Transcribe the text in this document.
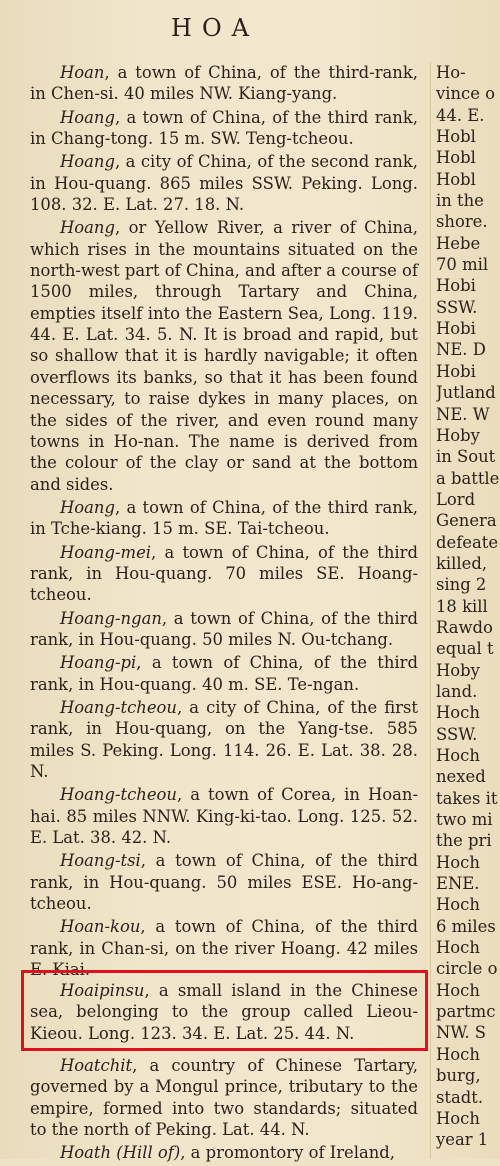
HOA

Hoan, a town of China, of the third-rank, in Chen-si. 40 miles NW. Kiang-yang.

Hoang, a town of China, of the third rank, in Chang-tong. 15 m. SW. Teng-tcheou.

Hoang, a city of China, of the second rank, in Hou-quang. 865 miles SSW. Peking. Long. 108. 32. E. Lat. 27. 18. N.

Hoang, or Yellow River, a river of China, which rises in the mountains situated on the north-west part of China, and after a course of 1500 miles, through Tartary and China, empties itself into the Eastern Sea, Long. 119. 44. E. Lat. 34. 5. N. It is broad and rapid, but so shallow that it is hardly navigable; it often overflows its banks, so that it has been found necessary, to raise dykes in many places, on the sides of the river, and even round many towns in Ho-nan. The name is derived from the colour of the clay or sand at the bottom and sides.

Hoang, a town of China, of the third rank, in Tche-kiang. 15 m. SE. Tai-tcheou.

Hoang-mei, a town of China, of the third rank, in Hou-quang. 70 miles SE. Hoang-tcheou.

Hoang-ngan, a town of China, of the third rank, in Hou-quang. 50 miles N. Ou-tchang.

Hoang-pi, a town of China, of the third rank, in Hou-quang. 40 m. SE. Te-ngan.

Hoang-tcheou, a city of China, of the first rank, in Hou-quang, on the Yang-tse. 585 miles S. Peking. Long. 114. 26. E. Lat. 38. 28. N.

Hoang-tcheou, a town of Corea, in Hoan-hai. 85 miles NNW. King-ki-tao. Long. 125. 52. E. Lat. 38. 42. N.

Hoang-tsi, a town of China, of the third rank, in Hou-quang. 50 miles ESE. Ho-ang-tcheou.

Hoan-kou, a town of China, of the third rank, in Chan-si, on the river Hoang. 42 miles E. Kiai.

Ho-
vince o
44. E.
Hobl
Hobl
Hobl
in the
shore.
Hebe
70 mil
Hobi
SSW.
Hobi
NE. D
Hobi
Jutland
NE. W
Hoby
in Sout
a battle
Lord
Genera
defeate
killed,
sing 2
18 kill
Rawdo
equal t
Hoby
land.
Hoch
SSW.
Hoch
nexed
takes it
two mi
the pri
Hoch
ENE.
Hoch
6 miles
Hoch
circle o
Hoch
partmc
NW. S
Hoch
burg,
stadt.
Hoch
year 1

Hoaipinsu, a small island in the Chinese sea, belonging to the group called Lieou-Kieou. Long. 123. 34. E. Lat. 25. 44. N.

Hoatchit, a country of Chinese Tartary, governed by a Mongul prince, tributary to the empire, formed into two standards; situated to the north of Peking. Lat. 44. N.

Hoath (Hill of), a promontory of Ireland,
